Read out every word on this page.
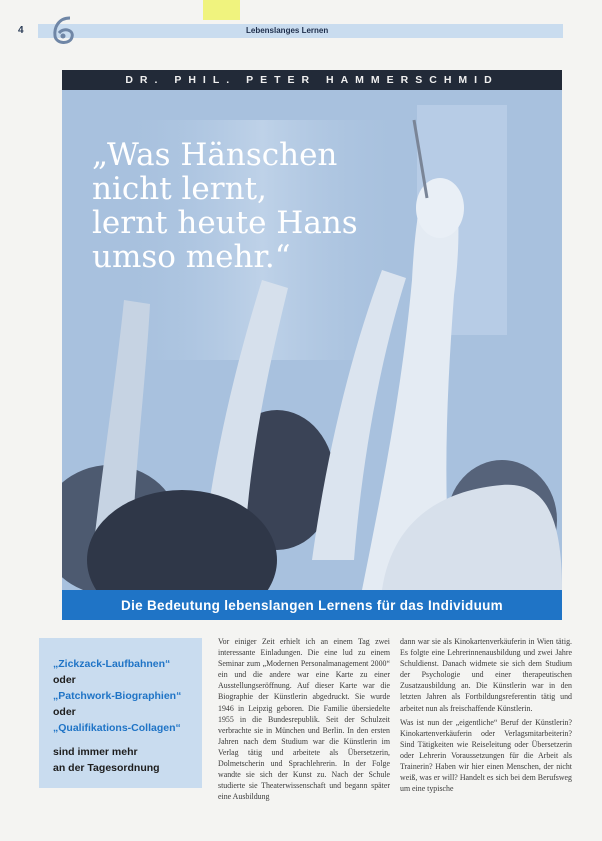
4	Lebenslanges Lernen
DR. PHIL. PETER HAMMERSCHMID

„Was Hänschen
nicht lernt,
lernt heute Hans
umso mehr.“

Die Bedeutung lebenslangen Lernens für das Individuum
„Zickzack-Laufbahnen“
oder
„Patchwork-Biographien“
oder
„Qualifikations-Collagen“
sind immer mehr
an der Tagesordnung

Vor einiger Zeit erhielt ich an einem Tag zwei interessante Einladungen. Die eine lud zu einem Seminar zum „Modernen Personalmanagement 2000“ ein und die andere war eine Karte zu einer Ausstellungseröffnung. Auf dieser Karte war die Biographie der Künstlerin abgedruckt. Sie wurde 1946 in Leipzig geboren. Die Familie übersiedelte 1955 in die Bundesrepublik. Seit der Schulzeit verbrachte sie in München und Berlin. In den ersten Jahren nach dem Studium war die Künstlerin im Verlag tätig und arbeitete als Übersetzerin, Dolmetscherin und Sprachlehrerin. In der Folge wandte sie sich der Kunst zu. Nach der Schule studierte sie Theaterwissenschaft und begann später eine Ausbildung

dann war sie als Kinokartenverkäuferin in Wien tätig. Es folgte eine Lehrerinnenausbildung und zwei Jahre Schuldienst. Danach widmete sie sich dem Studium der Psychologie und einer therapeutischen Zusatzausbildung an. Die Künstlerin war in den letzten Jahren als Fortbildungsreferentin tätig und arbeitet nun als freischaffende Künstlerin.

Was ist nun der „eigentliche“ Beruf der Künstlerin? Kinokartenverkäuferin oder Verlagsmitarbeiterin? Sind Tätigkeiten wie Reiseleitung oder Übersetzerin oder Lehrerin Voraussetzungen für die Arbeit als Trainerin? Haben wir hier einen Menschen, der nicht weiß, was er will? Handelt es sich bei dem Berufsweg um eine typische
